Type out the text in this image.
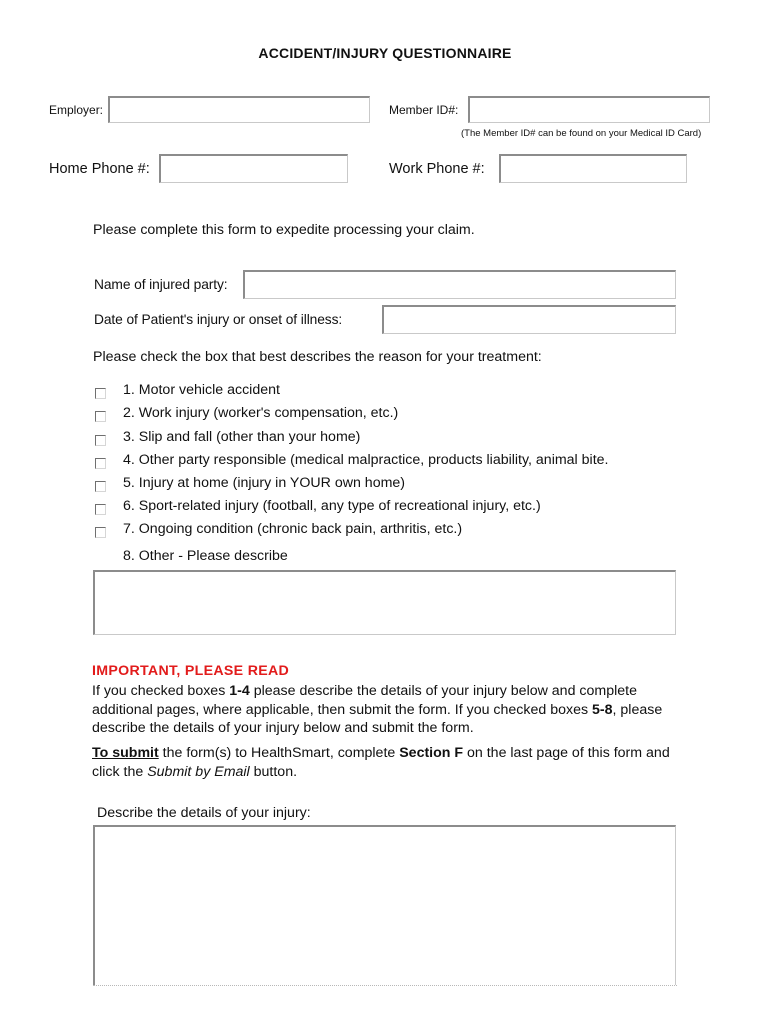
ACCIDENT/INJURY QUESTIONNAIRE
Employer:	Member ID#:
(The Member ID# can be found on your Medical ID Card)
Home Phone #:	Work Phone #:
Please complete this form to expedite processing your claim.
Name of injured party:
Date of Patient's injury or onset of illness:
Please check the box that best describes the reason for your treatment:
1. Motor vehicle accident
2. Work injury (worker's compensation, etc.)
3. Slip and fall (other than your home)
4. Other party responsible (medical malpractice, products liability, animal bite.
5. Injury at home (injury in YOUR own home)
6. Sport-related injury (football, any type of recreational injury, etc.)
7. Ongoing condition (chronic back pain, arthritis, etc.)
8. Other - Please describe
IMPORTANT, PLEASE READ
If you checked boxes 1-4 please describe the details of your injury below and complete additional pages, where applicable, then submit the form. If you checked boxes 5-8, please describe the details of your injury below and submit the form.
To submit the form(s) to HealthSmart, complete Section F on the last page of this form and click the Submit by Email button.
Describe the details of your injury:
